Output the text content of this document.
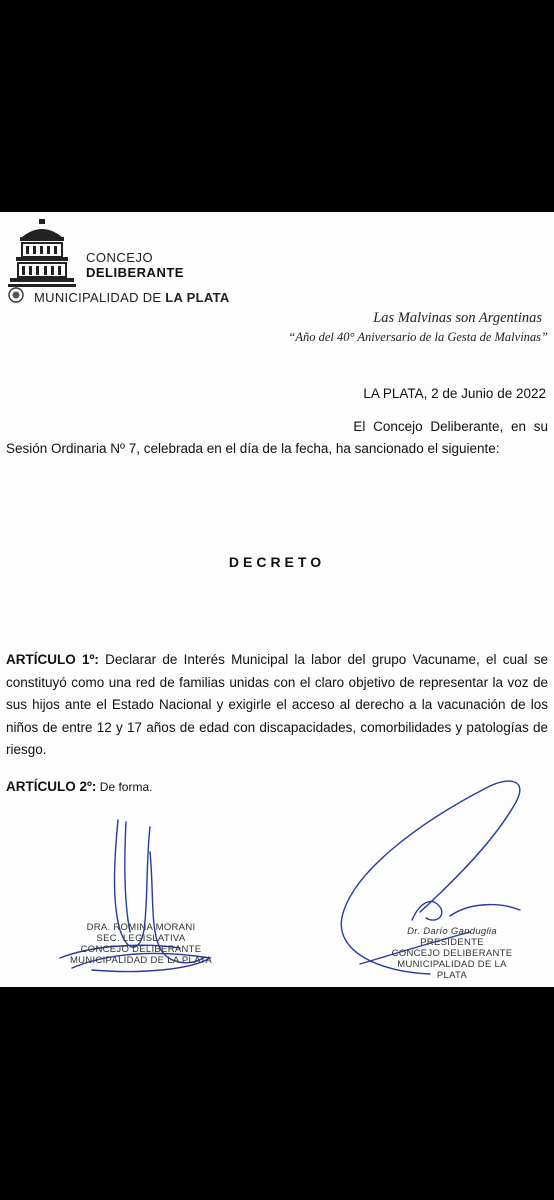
CONCEJO
DELIBERANTE
MUNICIPALIDAD DE LA PLATA
Las Malvinas son Argentinas
“Año del 40° Aniversario de la Gesta de Malvinas”
LA PLATA, 2 de Junio de 2022
El Concejo Deliberante, en su
Sesión Ordinaria Nº 7, celebrada en el día de la fecha, ha sancionado el siguiente:
DECRETO
ARTÍCULO 1º: Declarar de Interés Municipal la labor del grupo Vacuname, el cual se constituyó como una red de familias unidas con el claro objetivo de representar la voz de sus hijos ante el Estado Nacional y exigirle el acceso al derecho a la vacunación de los niños de entre 12 y 17 años de edad con discapacidades, comorbilidades y patologías de riesgo.
ARTÍCULO 2º: De forma.
DRA. ROMINA MORANI
SEC. LEGISLATIVA
CONCEJO DELIBERANTE
MUNICIPALIDAD DE LA PLATA
Dr. Darío Ganduglia
PRESIDENTE
CONCEJO DELIBERANTE
MUNICIPALIDAD DE LA PLATA
